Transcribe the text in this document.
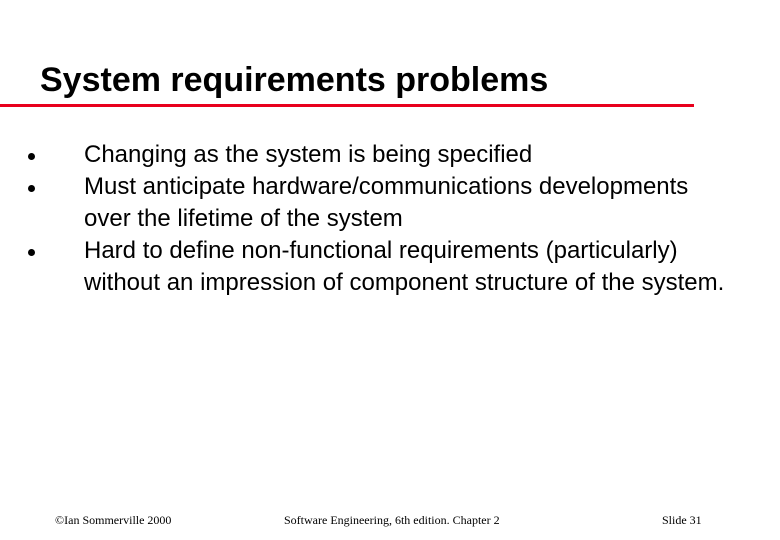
System requirements problems
Changing as the system is being specified
Must anticipate hardware/communications developments over the lifetime of the system
Hard to define non-functional requirements (particularly) without an impression of component structure of the system.
©Ian Sommerville 2000	Software Engineering, 6th edition. Chapter 2	Slide 31
